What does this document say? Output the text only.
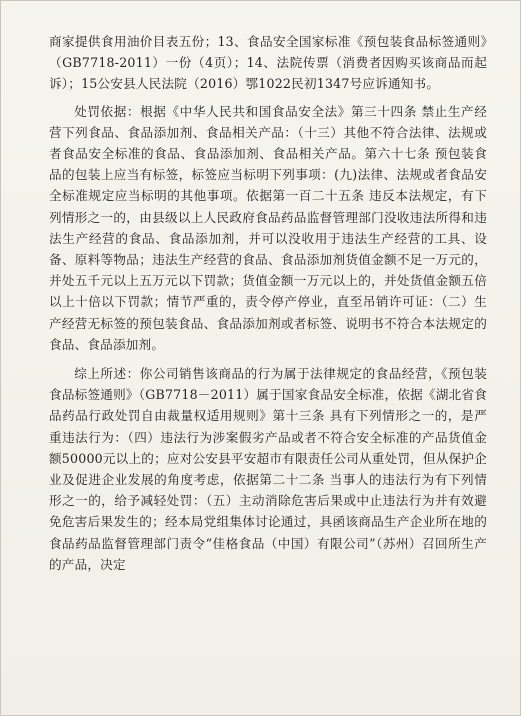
商家提供食用油价目表五份；13、食品安全国家标准《预包装食品标签通则》（GB7718-2011）一份（4页）；14、法院传票（消费者因购买该商品而起诉）；15公安县人民法院（2016）鄂1022民初1347号应诉通知书。

处罚依据：根据《中华人民共和国食品安全法》第三十四条 禁止生产经营下列食品、食品添加剂、食品相关产品：（十三）其他不符合法律、法规或者食品安全标准的食品、食品添加剂、食品相关产品。第六十七条 预包装食品的包装上应当有标签，标签应当标明下列事项：(九)法律、法规或者食品安全标准规定应当标明的其他事项。依据第一百二十五条 违反本法规定，有下列情形之一的，由县级以上人民政府食品药品监督管理部门没收违法所得和违法生产经营的食品、食品添加剂，并可以没收用于违法生产经营的工具、设备、原料等物品；违法生产经营的食品、食品添加剂货值金额不足一万元的，并处五千元以上五万元以下罚款；货值金额一万元以上的，并处货值金额五倍以上十倍以下罚款；情节严重的，责令停产停业，直至吊销许可证：（二）生产经营无标签的预包装食品、食品添加剂或者标签、说明书不符合本法规定的食品、食品添加剂。

综上所述：你公司销售该商品的行为属于法律规定的食品经营，《预包装食品标签通则》（GB7718－2011）属于国家食品安全标准，依据《湖北省食品药品行政处罚自由裁量权适用规则》第十三条 具有下列情形之一的，是严重违法行为：（四）违法行为涉案假劣产品或者不符合安全标准的产品货值金额50000元以上的；应对公安县平安超市有限责任公司从重处罚，但从保护企业及促进企业发展的角度考虑，依据第二十二条 当事人的违法行为有下列情形之一的，给予减轻处罚：（五）主动消除危害后果或中止违法行为并有效避免危害后果发生的；经本局党组集体讨论通过，具函该商品生产企业所在地的食品药品监督管理部门责令“佳格食品（中国）有限公司”（苏州）召回所生产的产品，决定
